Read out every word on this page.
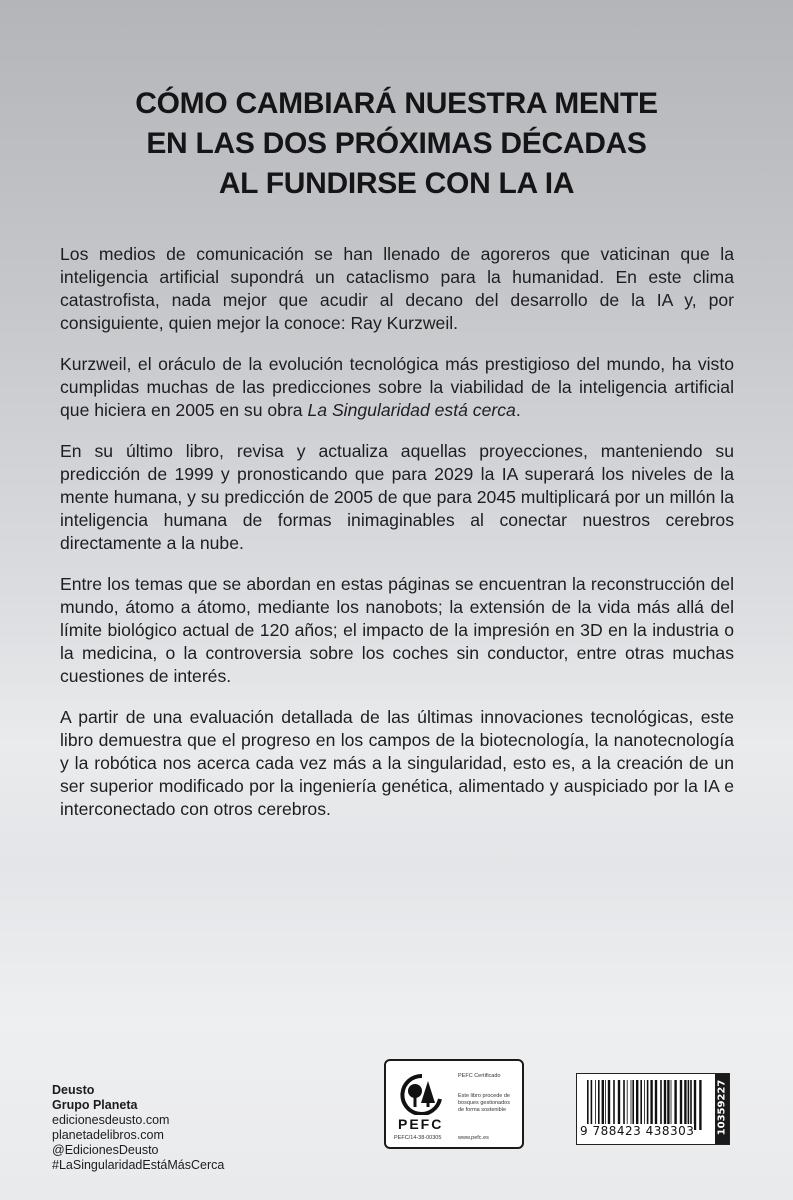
CÓMO CAMBIARÁ NUESTRA MENTE
EN LAS DOS PRÓXIMAS DÉCADAS
AL FUNDIRSE CON LA IA

Los medios de comunicación se han llenado de agoreros que vaticinan que la inteligencia artificial supondrá un cataclismo para la humanidad. En este clima catastrofista, nada mejor que acudir al decano del desarrollo de la IA y, por consiguiente, quien mejor la conoce: Ray Kurzweil.

Kurzweil, el oráculo de la evolución tecnológica más prestigioso del mundo, ha visto cumplidas muchas de las predicciones sobre la viabilidad de la inteligencia artificial que hiciera en 2005 en su obra La Singularidad está cerca.

En su último libro, revisa y actualiza aquellas proyecciones, manteniendo su predicción de 1999 y pronosticando que para 2029 la IA superará los niveles de la mente humana, y su predicción de 2005 de que para 2045 multiplicará por un millón la inteligencia humana de formas inimaginables al conectar nuestros cerebros directamente a la nube.

Entre los temas que se abordan en estas páginas se encuentran la reconstrucción del mundo, átomo a átomo, mediante los nanobots; la extensión de la vida más allá del límite biológico actual de 120 años; el impacto de la impresión en 3D en la industria o la medicina, o la controversia sobre los coches sin conductor, entre otras muchas cuestiones de interés.

A partir de una evaluación detallada de las últimas innovaciones tecnológicas, este libro demuestra que el progreso en los campos de la biotecnología, la nanotecnología y la robótica nos acerca cada vez más a la singularidad, esto es, a la creación de un ser superior modificado por la ingeniería genética, alimentado y auspiciado por la IA e interconectado con otros cerebros.

Deusto
Grupo Planeta
edicionesdeusto.com
planetadelibros.com
@EdicionesDeusto
#LaSingularidadEstáMásCerca
PEFC
PEFC Certificado
Este libro procede de bosques gestionados de forma sostenible
PEFC/14-38-00305	www.pefc.es	9 788423 438303 10359227
